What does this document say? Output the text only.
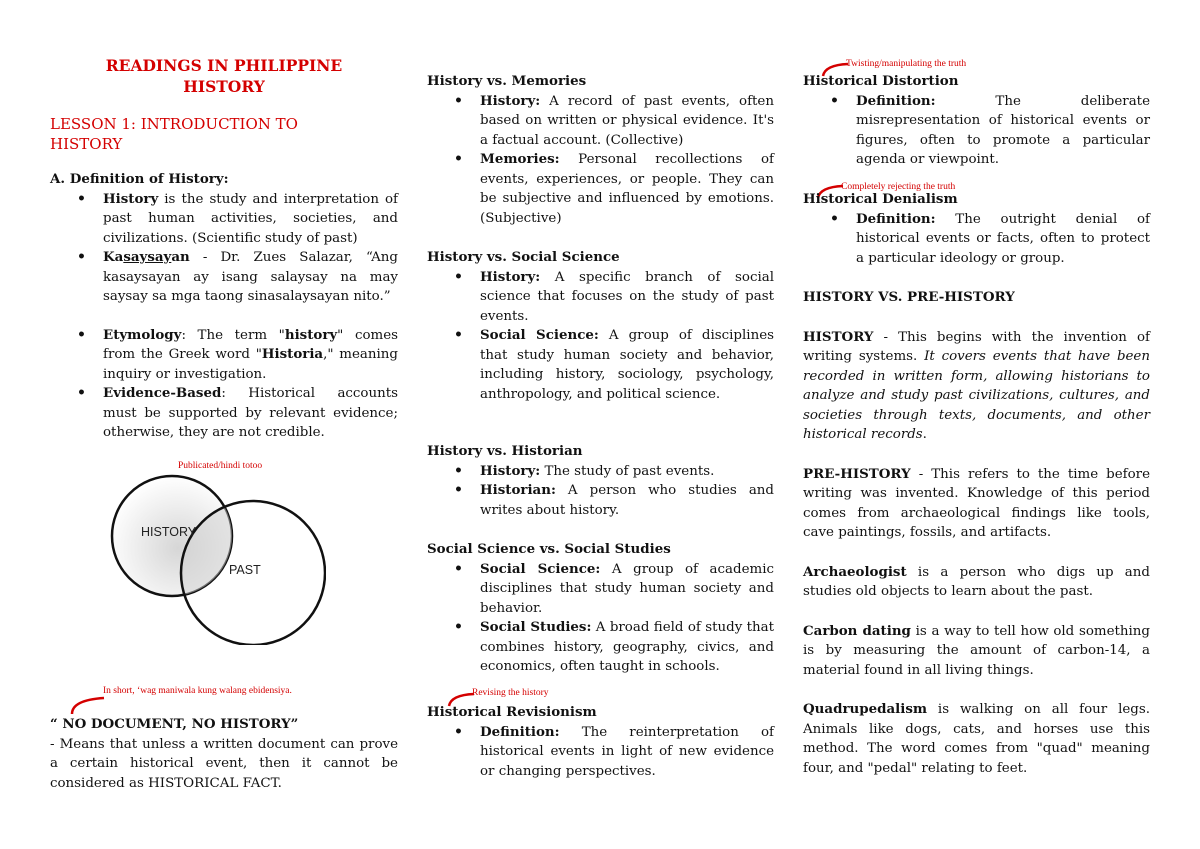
READINGS IN PHILIPPINE
HISTORY
LESSON 1: INTRODUCTION TO
HISTORY
A. Definition of History:
• History is the study and interpretation of past human activities, societies, and civilizations. (Scientific study of past)
• Kasaysayan - Dr. Zues Salazar, “Ang kasaysayan ay isang salaysay na may saysay sa mga taong sinasalaysayan nito.”
• Etymology: The term "history" comes from the Greek word "Historia," meaning inquiry or investigation.
• Evidence-Based: Historical accounts must be supported by relevant evidence; otherwise, they are not credible.
Publicated/hindi totoo
HISTORY
PAST
In short, ‘wag maniwala kung walang ebidensiya.
“ NO DOCUMENT, NO HISTORY”

- Means that unless a written document can prove a certain historical event, then it cannot be considered as HISTORICAL FACT.

History vs. Memories
• History: A record of past events, often based on written or physical evidence. It's a factual account. (Collective)
• Memories: Personal recollections of events, experiences, or people. They can be subjective and influenced by emotions. (Subjective)
History vs. Social Science
• History: A specific branch of social science that focuses on the study of past events.
• Social Science: A group of disciplines that study human society and behavior, including history, sociology, psychology, anthropology, and political science.
History vs. Historian
• History: The study of past events.
• Historian: A person who studies and writes about history.
Social Science vs. Social Studies
• Social Science: A group of academic disciplines that study human society and behavior.
• Social Studies: A broad field of study that combines history, geography, civics, and economics, often taught in schools.
Revising the history
Historical Revisionism
• Definition: The reinterpretation of historical events in light of new evidence or changing perspectives.
Twisting/manipulating the truth
Historical Distortion
• Definition: The deliberate misrepresentation of historical events or figures, often to promote a particular agenda or viewpoint.
Completely rejecting the truth
Historical Denialism
• Definition: The outright denial of historical events or facts, often to protect a particular ideology or group.
HISTORY VS. PRE-HISTORY

HISTORY - This begins with the invention of writing systems. It covers events that have been recorded in written form, allowing historians to analyze and study past civilizations, cultures, and societies through texts, documents, and other historical records.

PRE-HISTORY - This refers to the time before writing was invented. Knowledge of this period comes from archaeological findings like tools, cave paintings, fossils, and artifacts.

Archaeologist is a person who digs up and studies old objects to learn about the past.

Carbon dating is a way to tell how old something is by measuring the amount of carbon-14, a material found in all living things.

Quadrupedalism is walking on all four legs. Animals like dogs, cats, and horses use this method. The word comes from "quad" meaning four, and "pedal" relating to feet.
